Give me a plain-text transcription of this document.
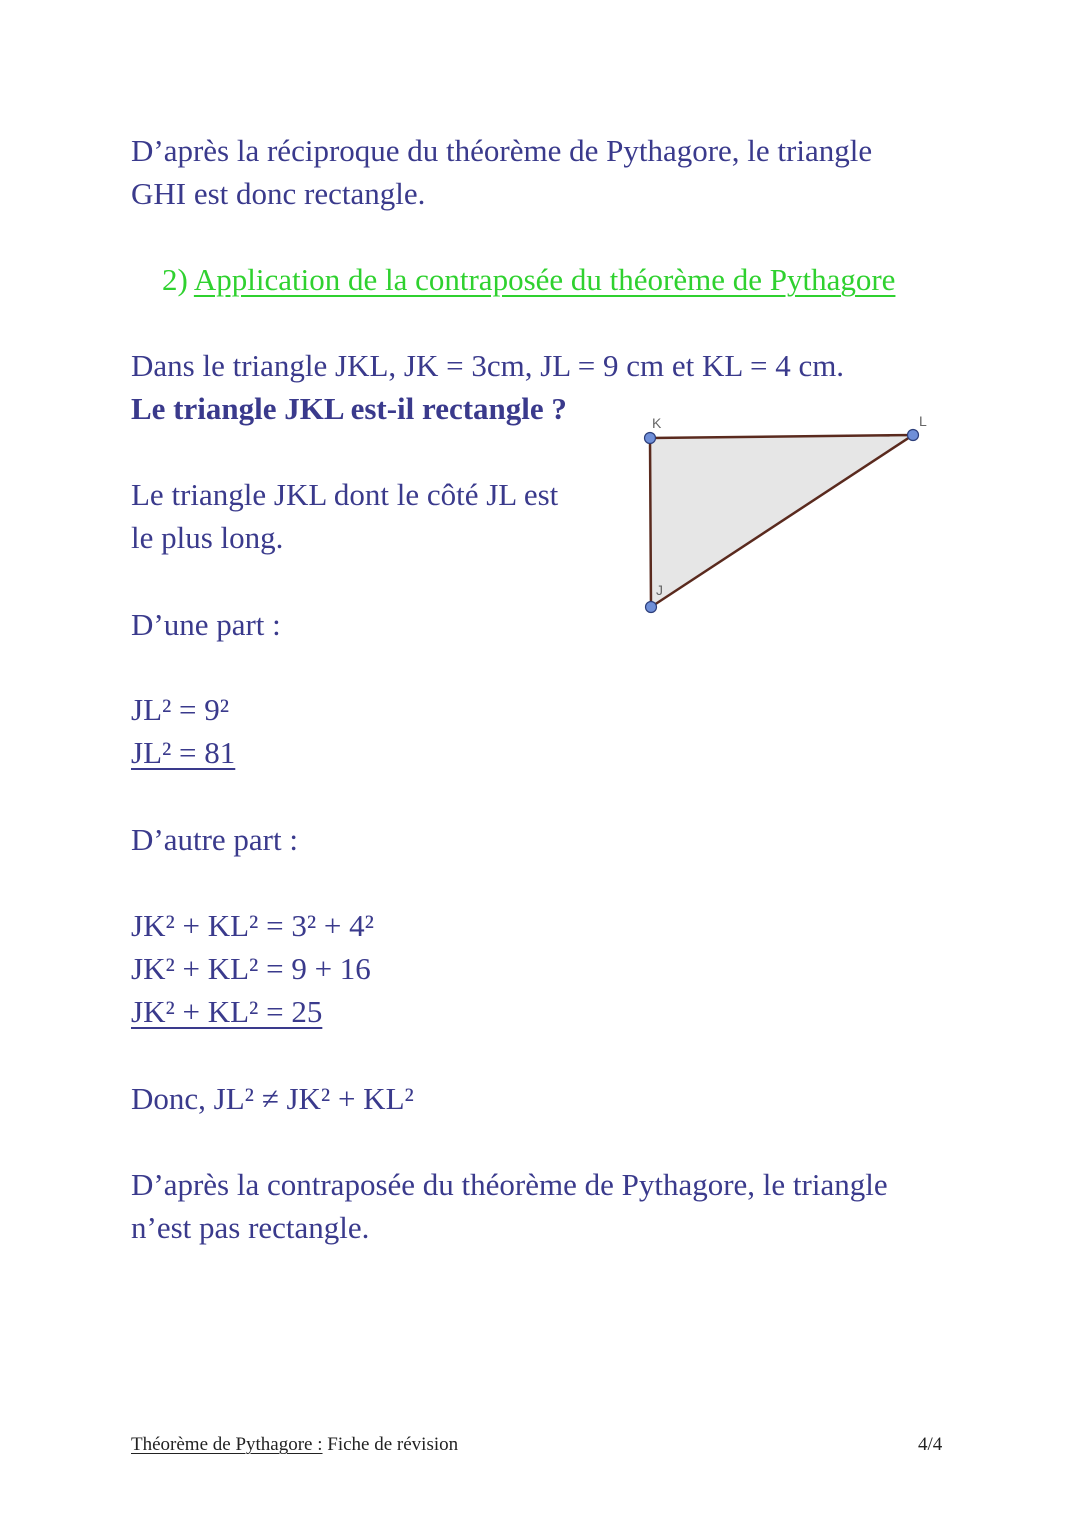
D’après la réciproque du théorème de Pythagore, le triangle

GHI est donc rectangle.

2) Application de la contraposée du théorème de Pythagore

Dans le triangle JKL, JK = 3cm, JL = 9 cm et KL = 4 cm.

Le triangle JKL est-il rectangle ?	K	L
J

Le triangle JKL dont le côté JL est

le plus long.

D’une part :

JL² = 9²

JL² = 81

D’autre part :

JK² + KL² = 3² + 4²

JK² + KL² = 9 + 16

JK² + KL² = 25

Donc, JL² ≠ JK² + KL²

D’après la contraposée du théorème de Pythagore, le triangle

n’est pas rectangle.

Théorème de Pythagore : Fiche de révision	4/4
